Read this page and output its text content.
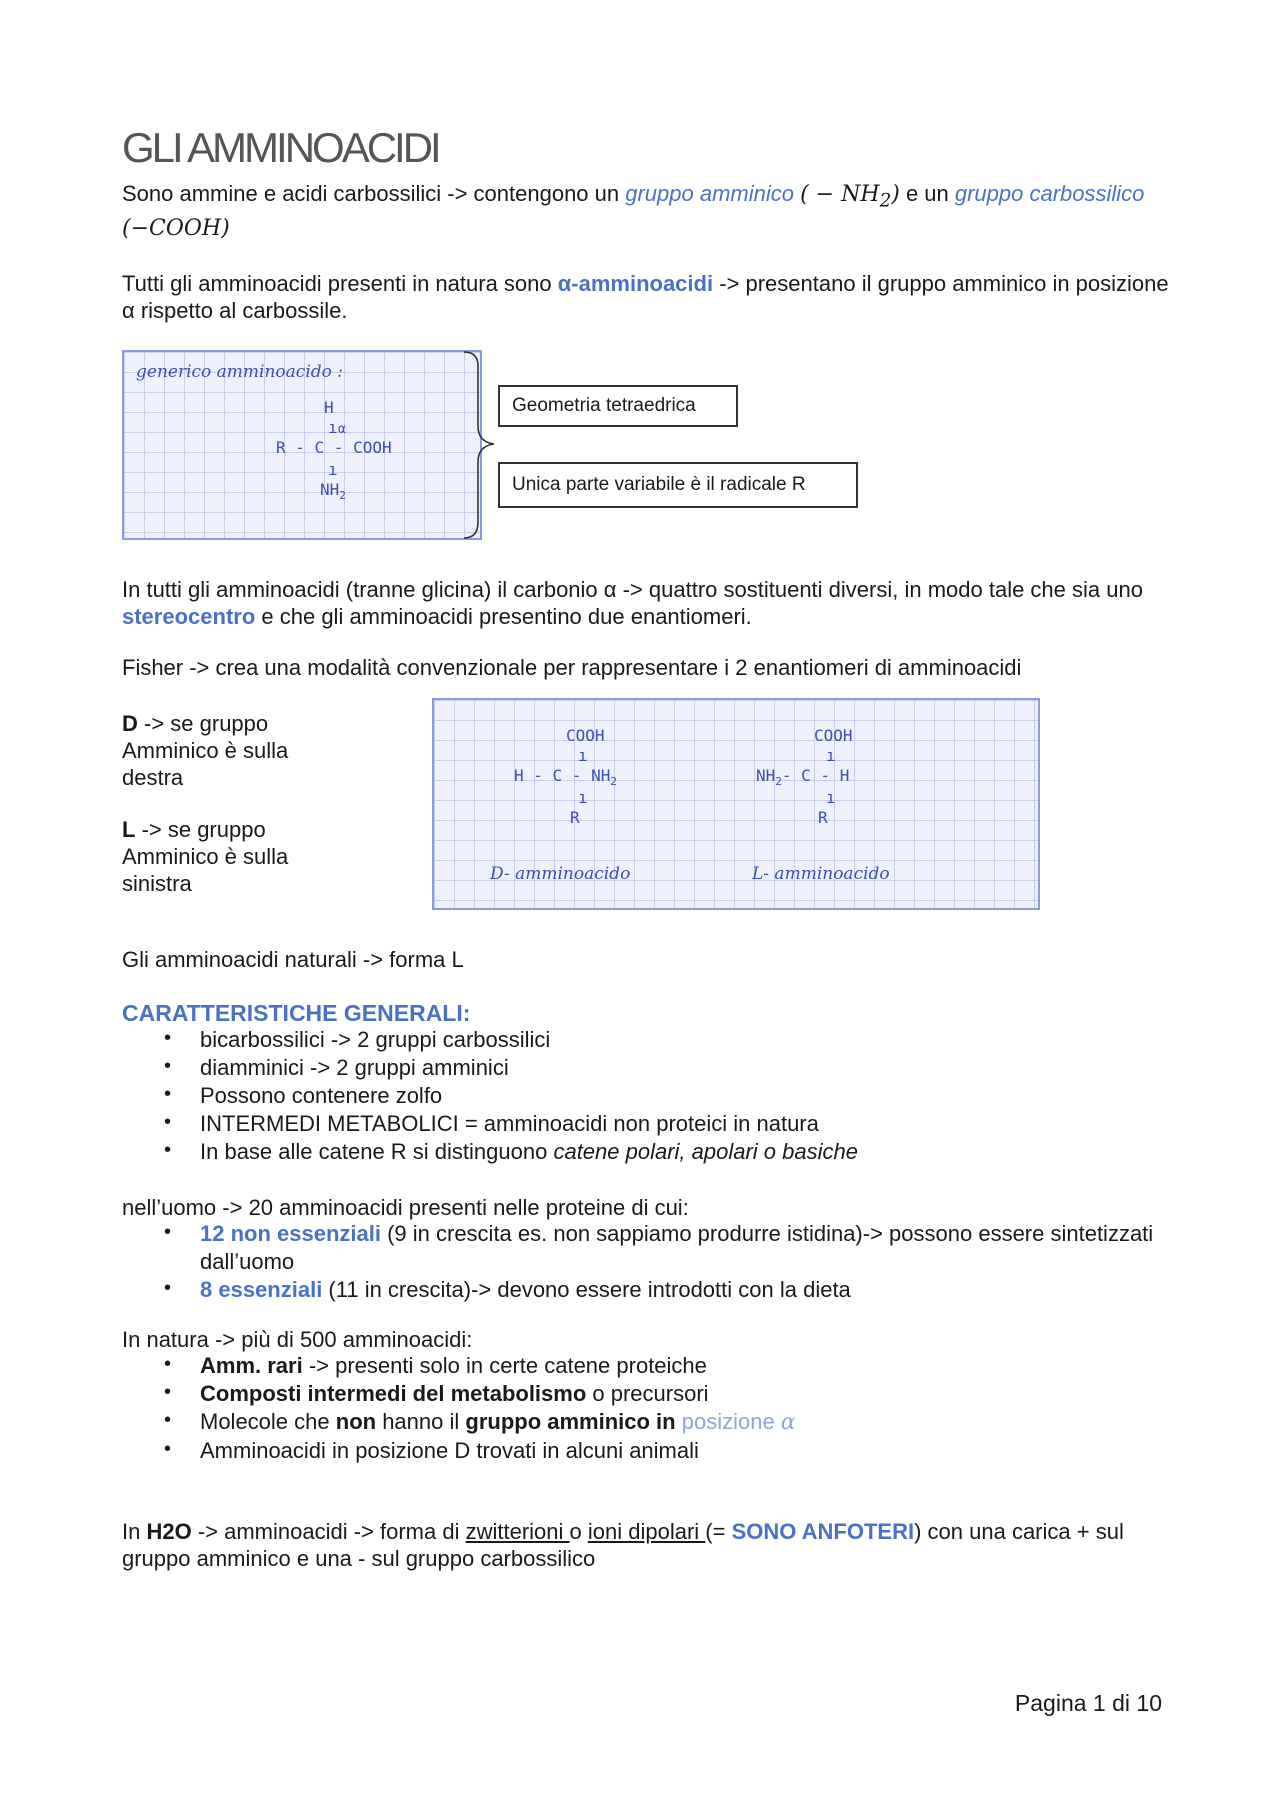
GLI AMMINOACIDI
Sono ammine e acidi carbossilici -> contengono un gruppo amminico ( − $NH_2$) e un gruppo carbossilico (−COOH)
Tutti gli amminoacidi presenti in natura sono α-amminoacidi -> presentano il gruppo amminico in posizione α rispetto al carbossile.
generico amminoacido :
H
ı α
R - C - COOH
ı
$NH_2$
Geometria tetraedrica
Unica parte variabile è il radicale R
In tutti gli amminoacidi (tranne glicina) il carbonio α -> quattro sostituenti diversi, in modo tale che sia uno stereocentro e che gli amminoacidi presentino due enantiomeri.
Fisher -> crea una modalità convenzionale per rappresentare i 2 enantiomeri di amminoacidi
D -> se gruppo Amminico è sulla destra
L -> se gruppo Amminico è sulla sinistra
COOH
ı
H - C - $NH_2$
ı
R
D- amminoacido
COOH
ı
$NH_2-$ C - H
ı
R
L- amminoacido
Gli amminoacidi naturali -> forma L
CARATTERISTICHE GENERALI:
• bicarbossilici -> 2 gruppi carbossilici
• diamminici -> 2 gruppi amminici
• Possono contenere zolfo
• INTERMEDI METABOLICI = amminoacidi non proteici in natura
• In base alle catene R si distinguono catene polari, apolari o basiche
nell’uomo -> 20 amminoacidi presenti nelle proteine di cui:
• 12 non essenziali (9 in crescita es. non sappiamo produrre istidina)-> possono essere sintetizzati dall’uomo
• 8 essenziali (11 in crescita)-> devono essere introdotti con la dieta
In natura -> più di 500 amminoacidi:
• Amm. rari -> presenti solo in certe catene proteiche
• Composti intermedi del metabolismo o precursori
• Molecole che non hanno il gruppo amminico in posizione α
• Amminoacidi in posizione D trovati in alcuni animali
In H2O -> amminoacidi -> forma di zwitterioni o ioni dipolari (= SONO ANFOTERI) con una carica + sul gruppo amminico e una - sul gruppo carbossilico
Pagina 1 di 10
